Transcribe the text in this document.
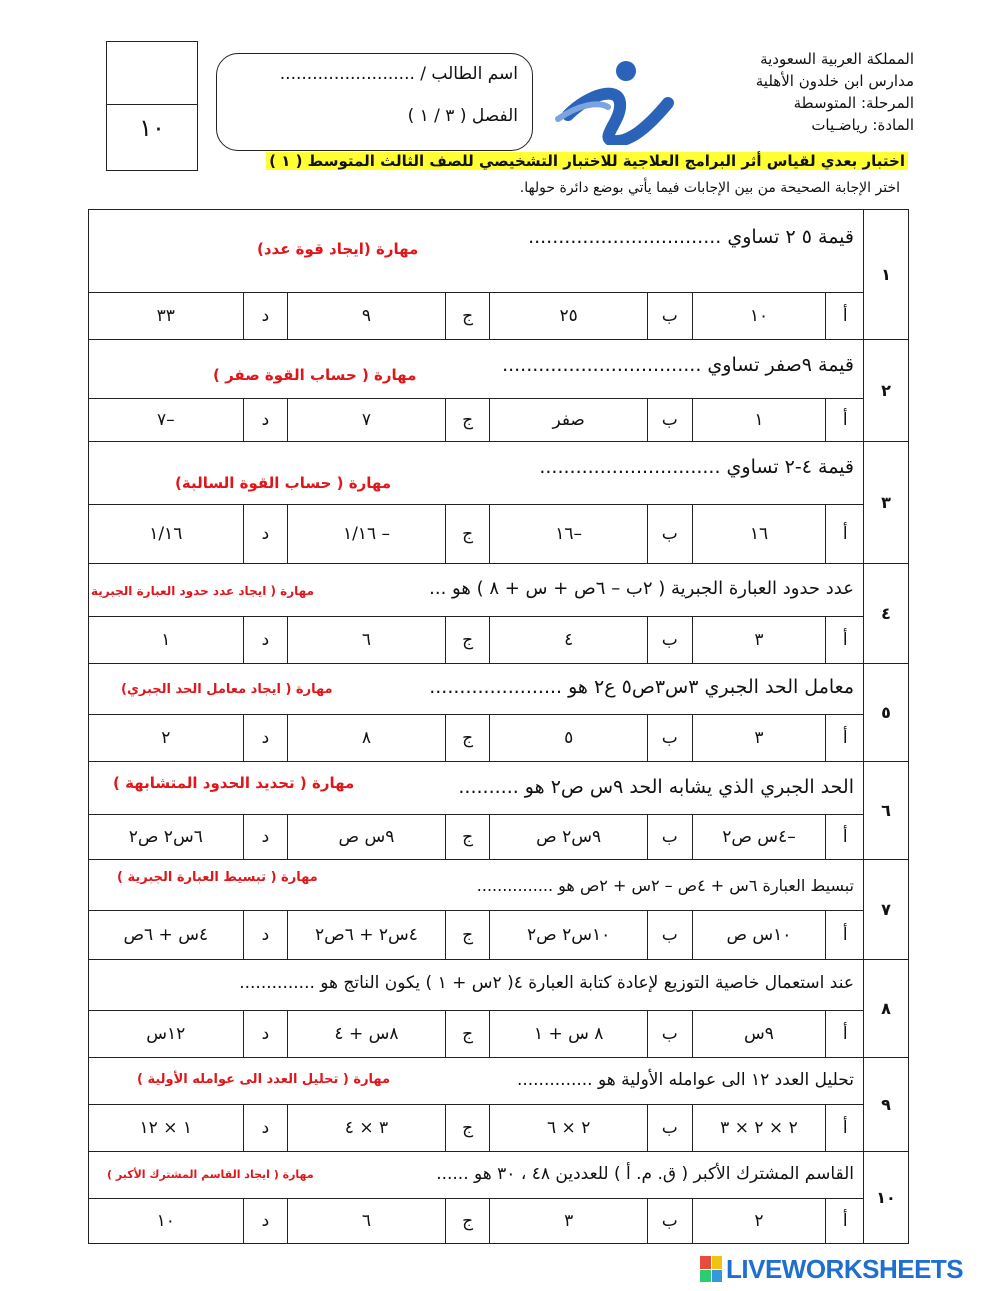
١٠
اسم الطالب / .........................
الفصل ( ٣ / ١ )
المملكة العربية السعودية
مدارس ابن خلدون الأهلية
المرحلة: المتوسطة
المادة: رياضـيات
اختبار بعدي لقياس أثر البرامج العلاجية للاختبار التشخيصي للصف الثالث المتوسط ( ١ )
اختر الإجابة الصحيحة من بين الإجابات فيما يأتي بوضع دائرة حولها.
١
قيمة ٥ ٢ تساوي ................................
مهارة (ايجاد قوة عدد)
أ
١٠
ب
٢٥
ج
٩
د
٣٣
٢
قيمة ٩صفر تساوي .................................
مهارة ( حساب القوة صفر )
أ
١
ب
صفر
ج
٧
د
–٧
٣
قيمة ٤-٢ تساوي ..............................
مهارة ( حساب القوة السالبة)
أ
١٦
ب
–١٦
ج
– ١/١٦
د
١/١٦
٤
عدد حدود العبارة الجبرية ( ٢ب – ٦ص + س + ٨ ) هو ...
مهارة ( ايجاد عدد حدود العبارة الجبرية
أ
٣
ب
٤
ج
٦
د
١
٥
معامل الحد الجبري ٣س٣ص٥ ع٢ هو ......................
مهارة ( ايجاد معامل الحد الجبري)
أ
٣
ب
٥
ج
٨
د
٢
٦
الحد الجبري الذي يشابه الحد ٩س ص٢ هو ..........
مهارة ( تحديد الحدود المتشابهة )
أ
–٤س ص٢
ب
٩س٢ ص
ج
٩س ص
د
٦س٢ ص٢
٧
تبسيط العبارة ٦س + ٤ص – ٢س + ٢ص هو ...............
مهارة ( تبسيط العبارة الجبرية )
أ
١٠س ص
ب
١٠س٢ ص٢
ج
٤س٢ + ٦ص٢
د
٤س + ٦ص
٨
عند استعمال خاصية التوزيع لإعادة كتابة العبارة ٤( ٢س + ١ ) يكون الناتج هو ..............
أ
٩س
ب
٨ س + ١
ج
٨س + ٤
د
١٢س
٩
تحليل العدد ١٢ الى عوامله الأولية هو ..............
مهارة ( تحليل العدد الى عوامله الأولية )
أ
٢ × ٢ × ٣
ب
٢ × ٦
ج
٣ × ٤
د
١ × ١٢
١٠
القاسم المشترك الأكبر ( ق. م. أ ) للعددين ٤٨ ، ٣٠ هو ......
مهارة ( ايجاد القاسم المشترك الأكبر )
أ
٢
ب
٣
ج
٦
د
١٠
LIVEWORKSHEETS
